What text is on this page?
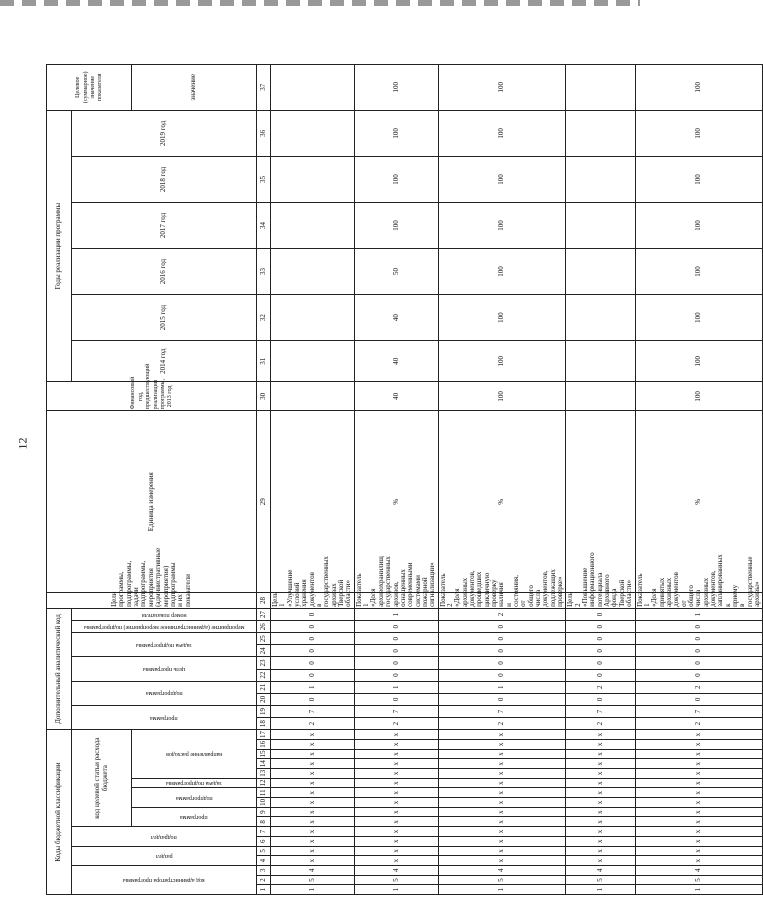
12
Коды бюджетной классификации																	Дополнительный аналитический код										Цели программы, подпрограммы, задачи подпрограммы, мероприятия (административные мероприятия) подпрограммы и их показатели	Единица измерения	Финансовый год, предшествующий реализации программы, 2013 год	Годы реализации программы						Целевое (суммарное) значение показателя

код администратора программы			раздел		подраздел		код целевой статьи расхода бюджета										программа		подпрограмма		цель программы		задача подпрограммы		мероприятие (административное мероприятие) подпрограммы	номер показателя				2014 год	2015 год	2016 год	2017 год	2018 год	2019 год	

							программа		подпрограмма		задача подпрограммы	направление расходов																								значение
1	2	3	4	5	6	7	8	9	10	11	12	13	14	15	16	17	18	19	20	21	22	23	24	25	26	27	28	29	30	31	32	33	34	35	36	37
1	5	4	х	х	х	х	х	х	х	х	х	х	х	х	х	х	2	7	0	1	0	0	0	0	0	0	Цель 1 «Улучшение условий хранения документов в государственных архивах Тверской области»									
1	5	4	х	х	х	х	х	х	х	х	х	х	х	х	х	х	2	7	0	1	0	0	0	0	0	1	Показатель 1 «Доля архивохранилищ государственных архивов, оснащенных современными системами пожарной сигнализации»	%	40	40	40	50	100	100	100	100
1	5	4	х	х	х	х	х	х	х	х	х	х	х	х	х	х	2	7	0	1	0	0	0	0	0	2	Показатель 2 «Доля архивных документов, прошедших цикличную проверку наличия и состояния, от общего числа документов, подлежащих проверке»	%	100	100	100	100	100	100	100	100
1	5	4	х	х	х	х	х	х	х	х	х	х	х	х	х	х	2	7	0	2	0	0	0	0	0	0	Цель 2 «Повышение информационного потенциала Архивного фонда Тверской области»									
1	5	4	х	х	х	х	х	х	х	х	х	х	х	х	х	х	2	7	0	2	0	0	0	0	0	1	Показатель 1 «Доля принятых архивных документов от общего числа архивных документов, запланированных к приему в государственные архивы»	%	100	100	100	100	100	100	100	100
